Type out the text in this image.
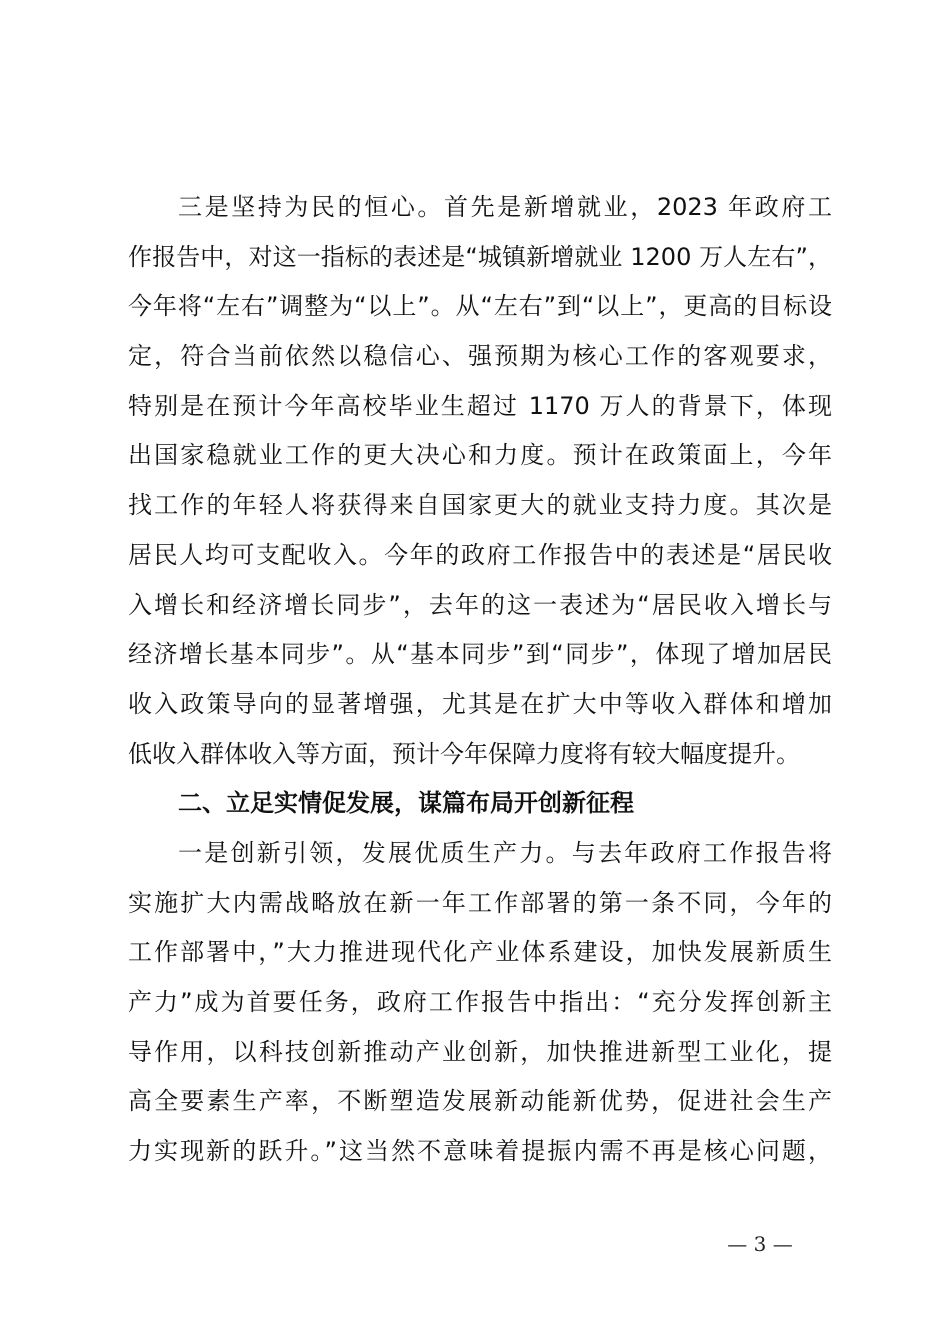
三是坚持为民的恒心。首先是新增就业，2023 年政府工
作报告中，对这一指标的表述是“城镇新增就业 1200 万人左右”，
今年将“左右”调整为“以上”。从“左右”到“以上”，更高的目标设
定，符合当前依然以稳信心、强预期为核心工作的客观要求，
特别是在预计今年高校毕业生超过 1170 万人的背景下，体现
出国家稳就业工作的更大决心和力度。预计在政策面上，今年
找工作的年轻人将获得来自国家更大的就业支持力度。其次是
居民人均可支配收入。今年的政府工作报告中的表述是“居民收
入增长和经济增长同步”，去年的这一表述为“居民收入增长与
经济增长基本同步”。从“基本同步”到“同步”，体现了增加居民
收入政策导向的显著增强，尤其是在扩大中等收入群体和增加
低收入群体收入等方面，预计今年保障力度将有较大幅度提升。
二、立足实情促发展，谋篇布局开创新征程
一是创新引领，发展优质生产力。与去年政府工作报告将
实施扩大内需战略放在新一年工作部署的第一条不同，今年的
工作部署中，”大力推进现代化产业体系建设，加快发展新质生
产力”成为首要任务，政府工作报告中指出：“充分发挥创新主
导作用，以科技创新推动产业创新，加快推进新型工业化，提
高全要素生产率，不断塑造发展新动能新优势，促进社会生产
力实现新的跃升。”这当然不意味着提振内需不再是核心问题，
— 3 —
